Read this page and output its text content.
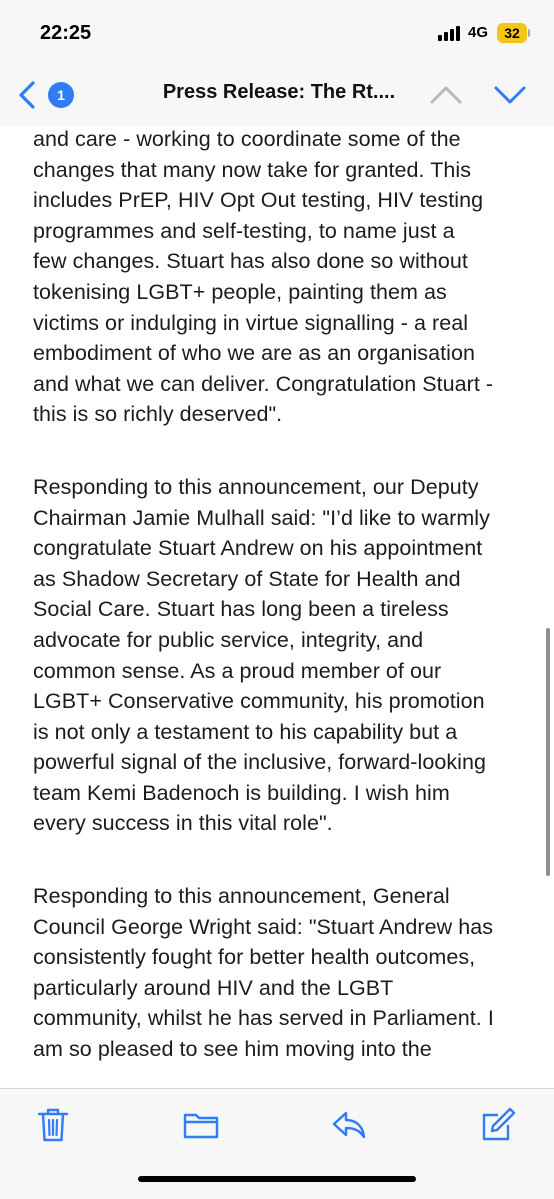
22:25	4G	32
1	Press Release: The Rt....
and care - working to coordinate some of the
changes that many now take for granted. This
includes PrEP, HIV Opt Out testing, HIV testing
programmes and self-testing, to name just a
few changes. Stuart has also done so without
tokenising LGBT+ people, painting them as
victims or indulging in virtue signalling - a real
embodiment of who we are as an organisation
and what we can deliver. Congratulation Stuart -
this is so richly deserved".
Responding to this announcement, our Deputy
Chairman Jamie Mulhall said: "I’d like to warmly
congratulate Stuart Andrew on his appointment
as Shadow Secretary of State for Health and
Social Care. Stuart has long been a tireless
advocate for public service, integrity, and
common sense. As a proud member of our
LGBT+ Conservative community, his promotion
is not only a testament to his capability but a
powerful signal of the inclusive, forward-looking
team Kemi Badenoch is building. I wish him
every success in this vital role".
Responding to this announcement, General
Council George Wright said: "Stuart Andrew has
consistently fought for better health outcomes,
particularly around HIV and the LGBT
community, whilst he has served in Parliament. I
am so pleased to see him moving into the
